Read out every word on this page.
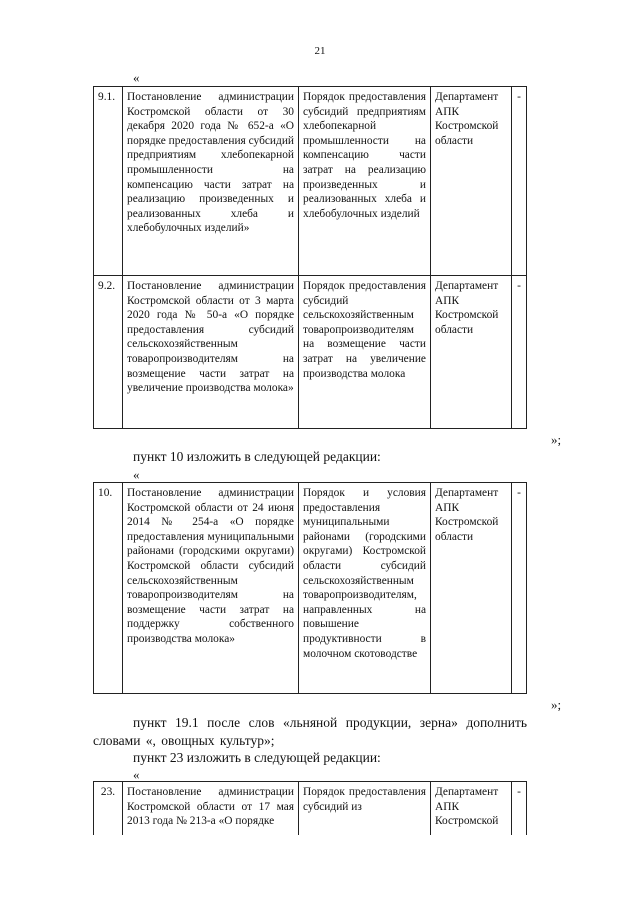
21
«
9.1.	Постановление администрации Костромской области от 30 декабря 2020 года № 652-а «О порядке предоставления субсидий предприятиям хлебопекарной промышленности на компенсацию части затрат на реализацию произведенных и реализованных хлеба и хлебобулочных изделий»	Порядок предоставления субсидий предприятиям хлебопекарной промышленности на компенсацию части затрат на реализацию произведенных и реализованных хлеба и хлебобулочных изделий	Департамент АПК Костромской области	-
9.2.	Постановление администрации Костромской области от 3 марта 2020 года № 50-а «О порядке предоставления субсидий сельскохозяйственным товаропроизводителям на возмещение части затрат на увеличение производства молока»	Порядок предоставления субсидий сельскохозяйственным товаропроизводителям на возмещение части затрат на увеличение производства молока	Департамент АПК Костромской области	-
»;
пункт 10 изложить в следующей редакции:
«
10.	Постановление администрации Костромской области от 24 июня 2014 № 254-а «О порядке предоставления муниципальными районами (городскими округами) Костромской области субсидий сельскохозяйственным товаропроизводителям на возмещение части затрат на поддержку собственного производства молока»	Порядок и условия предоставления муниципальными районами (городскими округами) Костромской области субсидий сельскохозяйственным товаропроизводителям, направленных на повышение продуктивности в молочном скотоводстве	Департамент АПК Костромской области	-
»;
пункт 19.1 после слов «льняной продукции, зерна» дополнить словами «, овощных культур»;
пункт 23 изложить в следующей редакции:
«
23.	Постановление администрации Костромской области от 17 мая 2013 года № 213-а «О порядке	Порядок предоставления субсидий из	Департамент АПК Костромской	-
